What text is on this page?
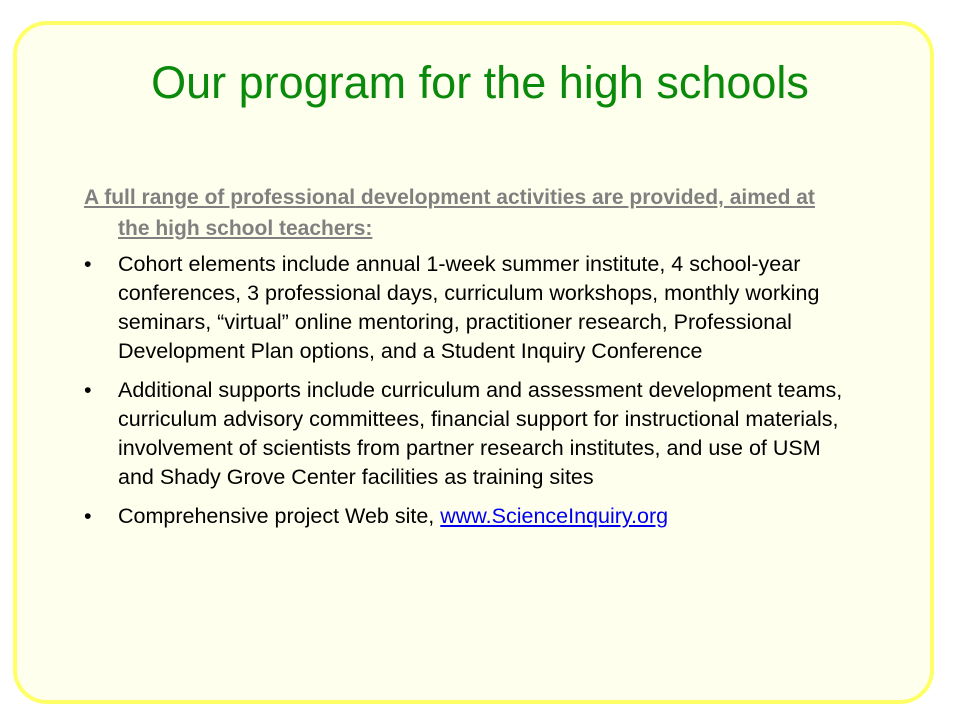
Our program for the high schools
A full range of professional development activities are provided, aimed at the high school teachers:
• Cohort elements include annual 1-week summer institute, 4 school-year conferences, 3 professional days, curriculum workshops, monthly working seminars, “virtual” online mentoring, practitioner research, Professional Development Plan options, and a Student Inquiry Conference
• Additional supports include curriculum and assessment development teams, curriculum advisory committees, financial support for instructional materials, involvement of scientists from partner research institutes, and use of USM and Shady Grove Center facilities as training sites
• Comprehensive project Web site, www.ScienceInquiry.org
